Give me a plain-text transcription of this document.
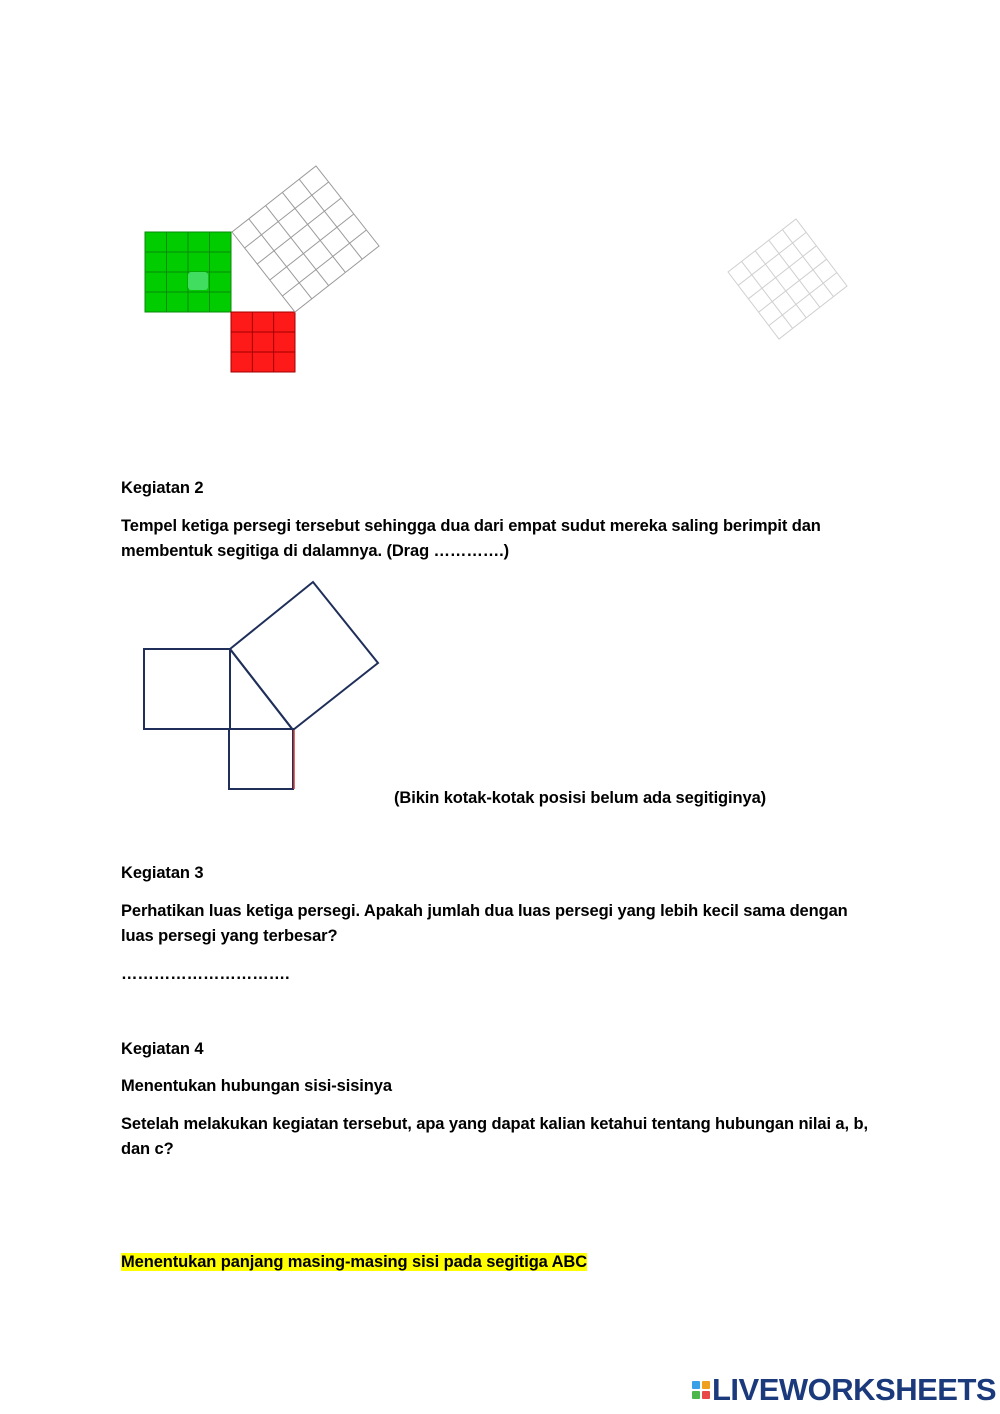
Kegiatan 2
Tempel ketiga persegi tersebut sehingga dua dari empat sudut mereka saling berimpit dan membentuk segitiga di dalamnya. (Drag ………….)
(Bikin kotak-kotak posisi belum ada segitiginya)
Kegiatan 3
Perhatikan luas ketiga persegi. Apakah jumlah dua luas persegi yang lebih kecil sama dengan luas persegi yang terbesar?
………………………….
Kegiatan 4
Menentukan hubungan sisi-sisinya
Setelah melakukan kegiatan tersebut, apa yang dapat kalian ketahui tentang hubungan nilai a, b, dan c?
Menentukan panjang masing-masing sisi pada segitiga ABC
LIVEWORKSHEETS
